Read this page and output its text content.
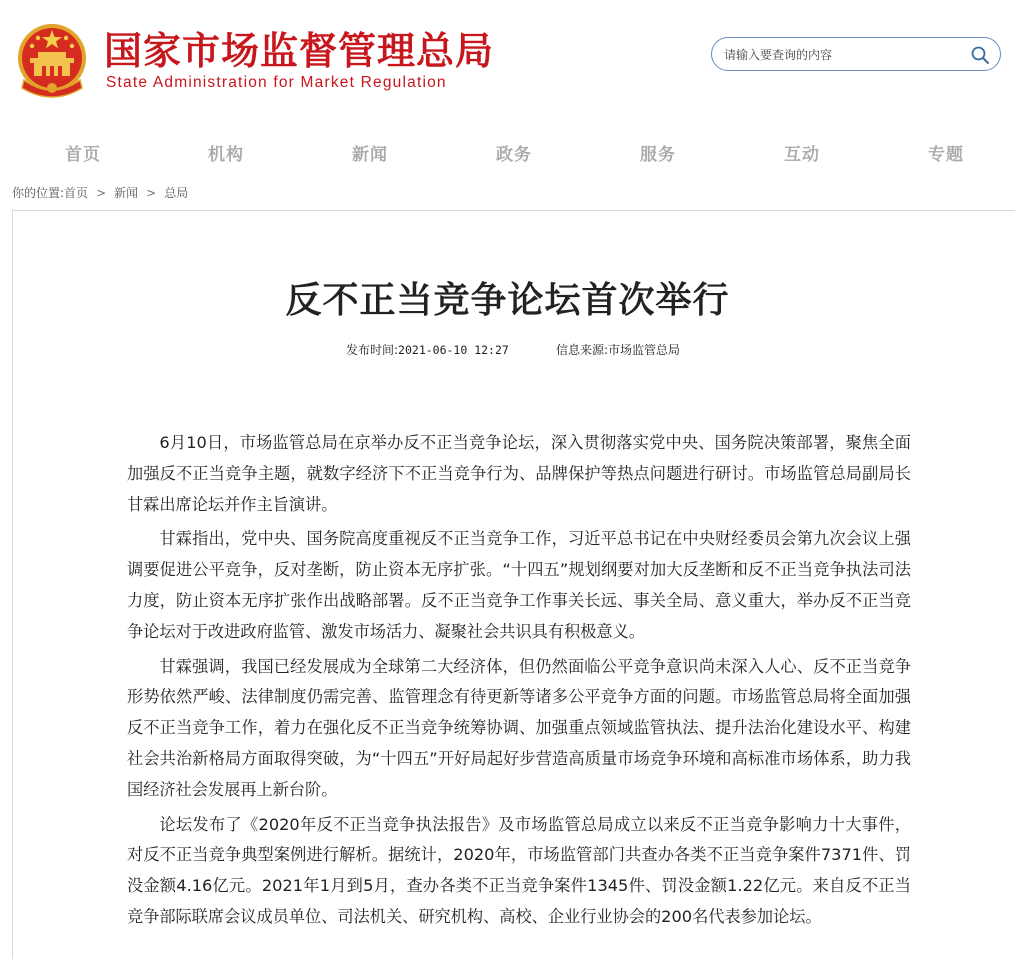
国家市场监督管理总局
State Administration for Market Regulation
请输入要查询的内容
首页	机构	新闻	政务	服务	互动	专题
你的位置:首页 > 新闻 > 总局
反不正当竞争论坛首次举行
发布时间:2021-06-10 12:27	信息来源:市场监管总局

6月10日，市场监管总局在京举办反不正当竞争论坛，深入贯彻落实党中央、国务院决策部署，聚焦全面加强反不正当竞争主题，就数字经济下不正当竞争行为、品牌保护等热点问题进行研讨。市场监管总局副局长甘霖出席论坛并作主旨演讲。

甘霖指出，党中央、国务院高度重视反不正当竞争工作，习近平总书记在中央财经委员会第九次会议上强调要促进公平竞争，反对垄断，防止资本无序扩张。“十四五”规划纲要对加大反垄断和反不正当竞争执法司法力度，防止资本无序扩张作出战略部署。反不正当竞争工作事关长远、事关全局、意义重大，举办反不正当竞争论坛对于改进政府监管、激发市场活力、凝聚社会共识具有积极意义。

甘霖强调，我国已经发展成为全球第二大经济体，但仍然面临公平竞争意识尚未深入人心、反不正当竞争形势依然严峻、法律制度仍需完善、监管理念有待更新等诸多公平竞争方面的问题。市场监管总局将全面加强反不正当竞争工作，着力在强化反不正当竞争统筹协调、加强重点领域监管执法、提升法治化建设水平、构建社会共治新格局方面取得突破，为“十四五”开好局起好步营造高质量市场竞争环境和高标准市场体系，助力我国经济社会发展再上新台阶。

论坛发布了《2020年反不正当竞争执法报告》及市场监管总局成立以来反不正当竞争影响力十大事件，对反不正当竞争典型案例进行解析。据统计，2020年，市场监管部门共查办各类不正当竞争案件7371件、罚没金额4.16亿元。2021年1月到5月，查办各类不正当竞争案件1345件、罚没金额1.22亿元。来自反不正当竞争部际联席会议成员单位、司法机关、研究机构、高校、企业行业协会的200名代表参加论坛。
